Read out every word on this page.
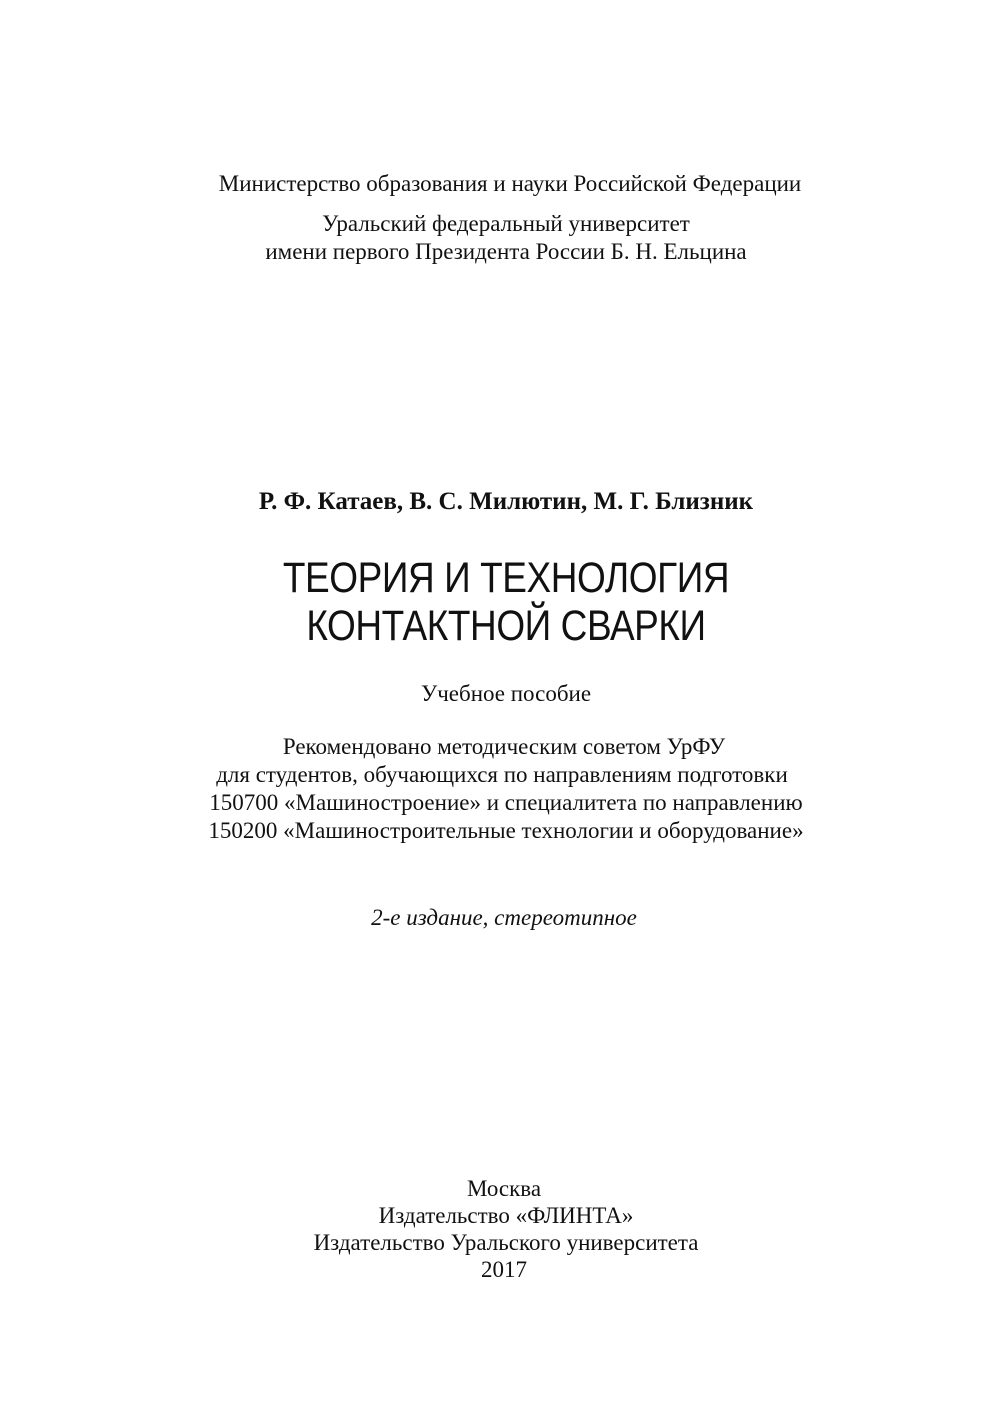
Министерство образования и науки Российской Федерации
Уральский федеральный университет
имени первого Президента России Б. Н. Ельцина
Р. Ф. Катаев, В. С. Милютин, М. Г. Близник
ТЕОРИЯ И ТЕХНОЛОГИЯ
КОНТАКТНОЙ СВАРКИ
Учебное пособие
Рекомендовано методическим советом УрФУ
для студентов, обучающихся по направлениям подготовки
150700 «Машиностроение» и специалитета по направлению
150200 «Машиностроительные технологии и оборудование»
2-е издание, стереотипное
Москва
Издательство «ФЛИНТА»
Издательство Уральского университета
2017
